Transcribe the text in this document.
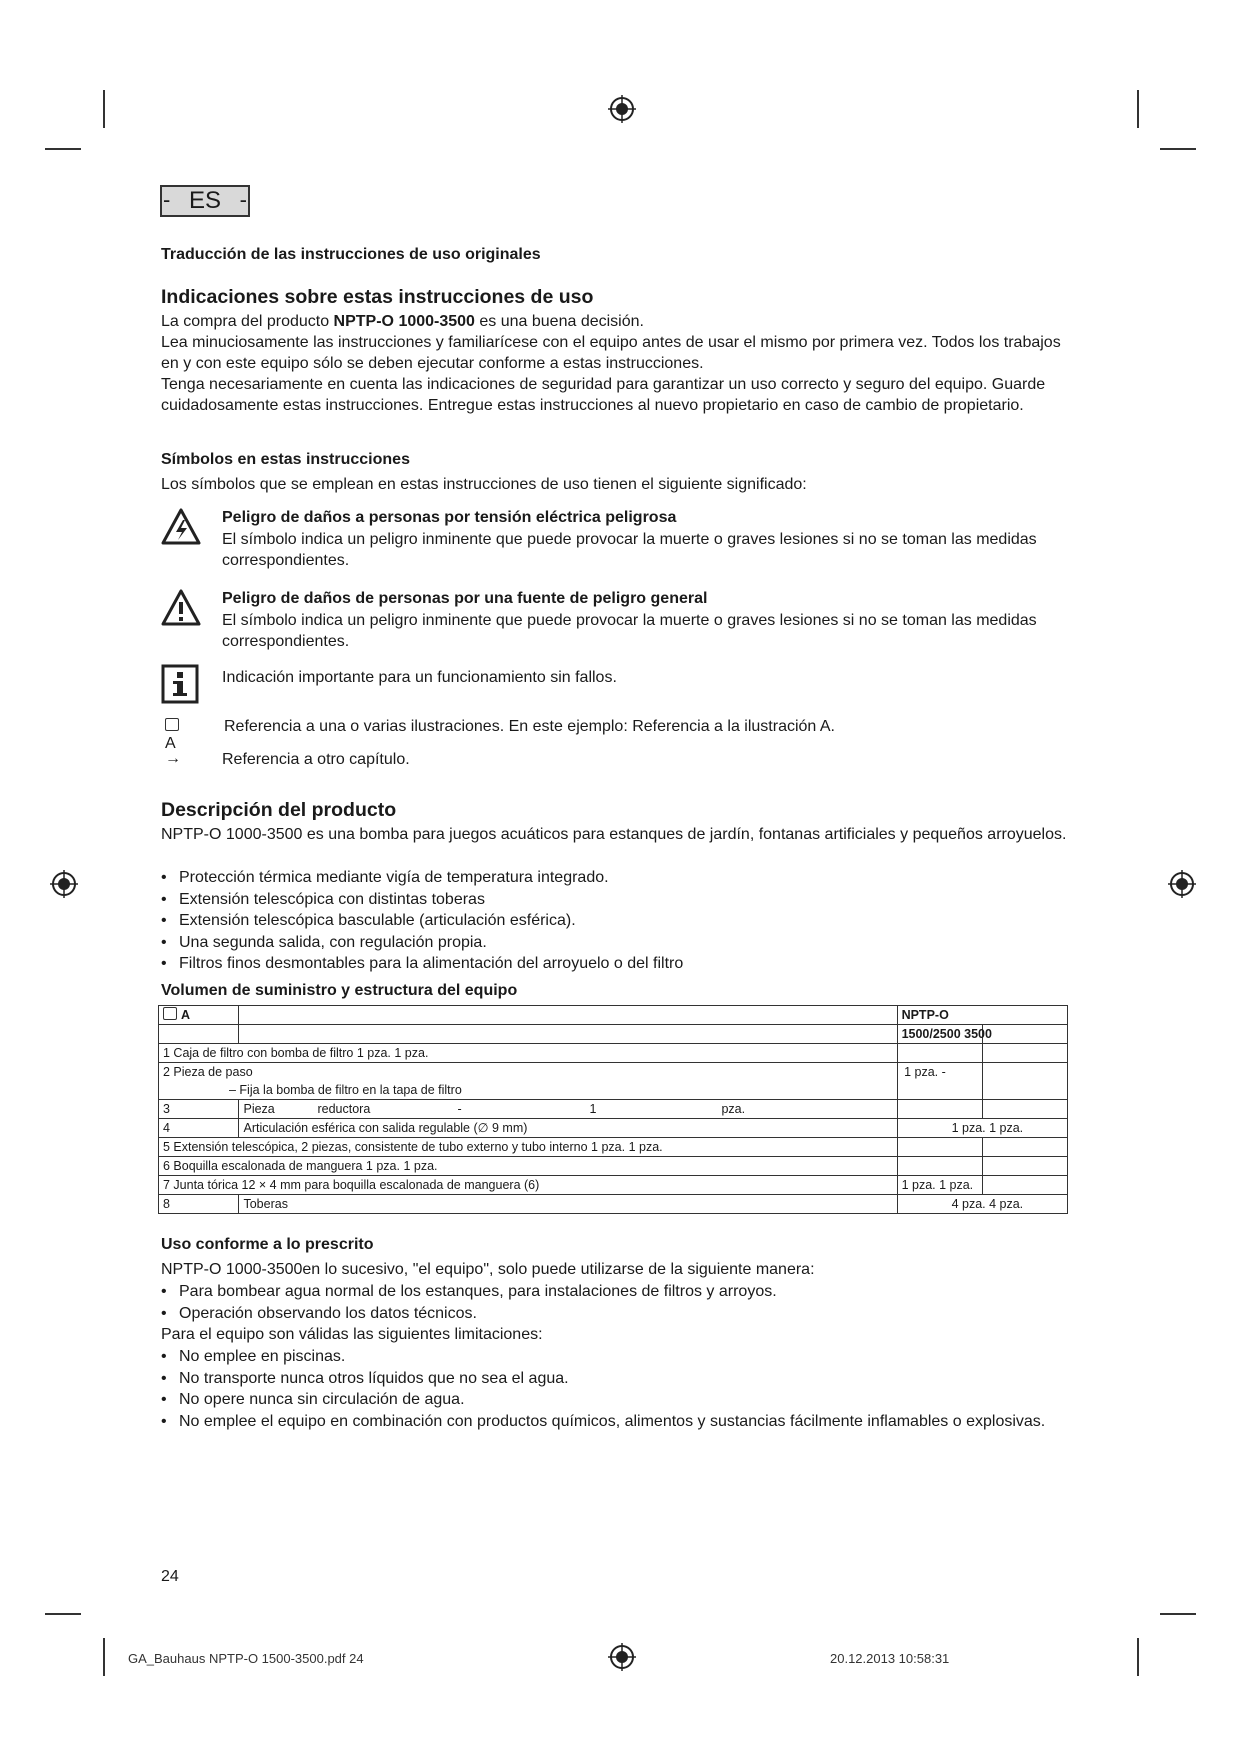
- ES -
Traducción de las instrucciones de uso originales
Indicaciones sobre estas instrucciones de uso
La compra del producto NPTP-O 1000-3500 es una buena decisión.
Lea minuciosamente las instrucciones y familiarícese con el equipo antes de usar el mismo por primera vez. Todos los trabajos en y con este equipo sólo se deben ejecutar conforme a estas instrucciones.
Tenga necesariamente en cuenta las indicaciones de seguridad para garantizar un uso correcto y seguro del equipo. Guarde cuidadosamente estas instrucciones. Entregue estas instrucciones al nuevo propietario en caso de cambio de propietario.
Símbolos en estas instrucciones
Los símbolos que se emplean en estas instrucciones de uso tienen el siguiente significado:
Peligro de daños a personas por tensión eléctrica peligrosa
El símbolo indica un peligro inminente que puede provocar la muerte o graves lesiones si no se toman las medidas correspondientes.
Peligro de daños de personas por una fuente de peligro general
El símbolo indica un peligro inminente que puede provocar la muerte o graves lesiones si no se toman las medidas correspondientes.
Indicación importante para un funcionamiento sin fallos.
A
Referencia a una o varias ilustraciones. En este ejemplo: Referencia a la ilustración A.
→	Referencia a otro capítulo.
Descripción del producto
NPTP-O 1000-3500 es una bomba para juegos acuáticos para estanques de jardín, fontanas artificiales y pequeños arroyuelos.
• Protección térmica mediante vigía de temperatura integrado.
• Extensión telescópica con distintas toberas
• Extensión telescópica basculable (articulación esférica).
• Una segunda salida, con regulación propia.
• Filtros finos desmontables para la alimentación del arroyuelo o del filtro
Volumen de suministro y estructura del equipo
A		NPTP-O	
		1500/2500 3500	
1 Caja de filtro con bomba de filtro 1 pza. 1 pza.			
2 Pieza de paso		1 pza. -	
– Fija la bomba de filtro en la tapa de filtro			
3	Pieza reductora - 1 pza.		
4	Articulación esférica con salida regulable (∅ 9 mm)	1 pza. 1 pza.	
5 Extensión telescópica, 2 piezas, consistente de tubo externo y tubo interno 1 pza. 1 pza.			
6 Boquilla escalonada de manguera 1 pza. 1 pza.			
7 Junta tórica 12 × 4 mm para boquilla escalonada de manguera (6)		1 pza. 1 pza.	
8	Toberas	4 pza. 4 pza.	
Uso conforme a lo prescrito
NPTP-O 1000-3500en lo sucesivo, "el equipo", solo puede utilizarse de la siguiente manera:
• Para bombear agua normal de los estanques, para instalaciones de filtros y arroyos.
• Operación observando los datos técnicos.
Para el equipo son válidas las siguientes limitaciones:
• No emplee en piscinas.
• No transporte nunca otros líquidos que no sea el agua.
• No opere nunca sin circulación de agua.
• No emplee el equipo en combinación con productos químicos, alimentos y sustancias fácilmente inflamables o explosivas.
24
GA_Bauhaus NPTP-O 1500-3500.pdf 24	20.12.2013 10:58:31
